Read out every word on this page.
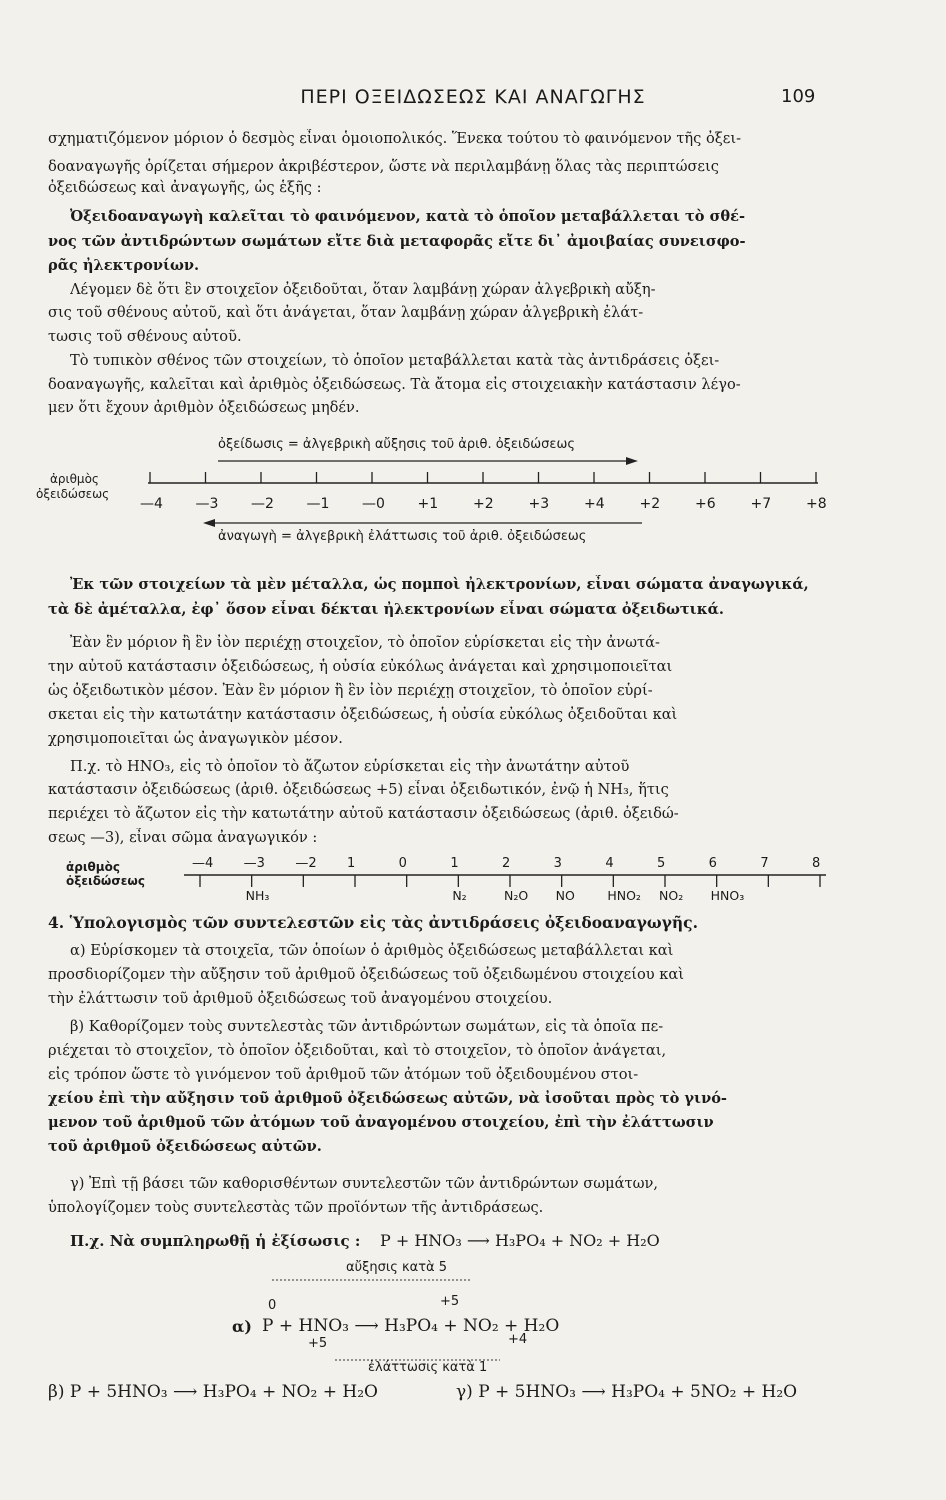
ΠΕΡΙ ΟΞΕΙΔΩΣΕΩΣ ΚΑΙ ΑΝΑΓΩΓΗΣ	109
σχηματιζόμενον μόριον ὁ δεσμὸς εἶναι ὁμοιοπολικός. Ἕνεκα τούτου τὸ φαινόμενον τῆς ὀξει-
δοαναγωγῆς ὁρίζεται σήμερον ἀκριβέστερον, ὥστε νὰ περιλαμβάνῃ ὅλας τὰς περιπτώσεις
ὀξειδώσεως καὶ ἀναγωγῆς, ὡς ἑξῆς :
Ὀξειδοαναγωγὴ καλεῖται τὸ φαινόμενον, κατὰ τὸ ὁποῖον μεταβάλλεται τὸ σθέ-
νος τῶν ἀντιδρώντων σωμάτων εἴτε διὰ μεταφορᾶς εἴτε δι᾽ ἀμοιβαίας συνεισφο-
ρᾶς ἠλεκτρονίων.
Λέγομεν δὲ ὅτι ἓν στοιχεῖον ὀξειδοῦται, ὅταν λαμβάνῃ χώραν ἀλγεβρικὴ αὔξη-
σις τοῦ σθένους αὐτοῦ, καὶ ὅτι ἀνάγεται, ὅταν λαμβάνῃ χώραν ἀλγεβρικὴ ἐλάτ-
τωσις τοῦ σθένους αὐτοῦ.
Τὸ τυπικὸν σθένος τῶν στοιχείων, τὸ ὁποῖον μεταβάλλεται κατὰ τὰς ἀντιδράσεις ὀξει-
δοαναγωγῆς, καλεῖται καὶ ἀριθμὸς ὀξειδώσεως. Τὰ ἄτομα εἰς στοιχειακὴν κατάστασιν λέγο-
μεν ὅτι ἔχουν ἀριθμὸν ὀξειδώσεως μηδέν.
ὀξείδωσις = ἀλγεβρικὴ αὔξησις τοῦ ἀριθ. ὀξειδώσεως
ἀριθμὸς
ὀξειδώσεως
—4 —3 —2 —1 —0 +1 +2 +3 +4 +2 +6 +7 +8
ἀναγωγὴ = ἀλγεβρικὴ ἐλάττωσις τοῦ ἀριθ. ὀξειδώσεως
Ἐκ τῶν στοιχείων τὰ μὲν μέταλλα, ὡς πομποὶ ἠλεκτρονίων, εἶναι σώματα ἀναγωγικά,
τὰ δὲ ἀμέταλλα, ἐφ᾽ ὅσον εἶναι δέκται ἠλεκτρονίων εἶναι σώματα ὀξειδωτικά.
Ἐὰν ἓν μόριον ἢ ἓν ἰὸν περιέχῃ στοιχεῖον, τὸ ὁποῖον εὑρίσκεται εἰς τὴν ἀνωτά-
την αὐτοῦ κατάστασιν ὀξειδώσεως, ἡ οὐσία εὐκόλως ἀνάγεται καὶ χρησιμοποιεῖται
ὡς ὀξειδωτικὸν μέσον. Ἐὰν ἓν μόριον ἢ ἓν ἰὸν περιέχῃ στοιχεῖον, τὸ ὁποῖον εὑρί-
σκεται εἰς τὴν κατωτάτην κατάστασιν ὀξειδώσεως, ἡ οὐσία εὐκόλως ὀξειδοῦται καὶ
χρησιμοποιεῖται ὡς ἀναγωγικὸν μέσον.
Π.χ. τὸ HNO₃, εἰς τὸ ὁποῖον τὸ ἄζωτον εὑρίσκεται εἰς τὴν ἀνωτάτην αὐτοῦ
κατάστασιν ὀξειδώσεως (ἀριθ. ὀξειδώσεως +5) εἶναι ὀξειδωτικόν, ἐνῷ ἡ NH₃, ἥτις
περιέχει τὸ ἄζωτον εἰς τὴν κατωτάτην αὐτοῦ κατάστασιν ὀξειδώσεως (ἀριθ. ὀξειδώ-
σεως —3), εἶναι σῶμα ἀναγωγικόν :
ἀριθμὸς
ὀξειδώσεως
—4 —3 —2 1	0	1	2	3	4	5	6	7	8
NH₃	N₂	N₂O NO	HNO₂ NO₂ HNO₃
4. Ὑπολογισμὸς τῶν συντελεστῶν εἰς τὰς ἀντιδράσεις ὀξειδοαναγωγῆς.
α) Εὑρίσκομεν τὰ στοιχεῖα, τῶν ὁποίων ὁ ἀριθμὸς ὀξειδώσεως μεταβάλλεται καὶ
προσδιορίζομεν τὴν αὔξησιν τοῦ ἀριθμοῦ ὀξειδώσεως τοῦ ὀξειδωμένου στοιχείου καὶ
τὴν ἐλάττωσιν τοῦ ἀριθμοῦ ὀξειδώσεως τοῦ ἀναγομένου στοιχείου.
β) Καθορίζομεν τοὺς συντελεστὰς τῶν ἀντιδρώντων σωμάτων, εἰς τὰ ὁποῖα πε-
ριέχεται τὸ στοιχεῖον, τὸ ὁποῖον ὀξειδοῦται, καὶ τὸ στοιχεῖον, τὸ ὁποῖον ἀνάγεται,
εἰς τρόπον ὥστε τὸ γινόμενον τοῦ ἀριθμοῦ τῶν ἀτόμων τοῦ ὀξειδουμένου στοι-
χείου ἐπὶ τὴν αὔξησιν τοῦ ἀριθμοῦ ὀξειδώσεως αὐτῶν, νὰ ἰσοῦται πρὸς τὸ γινό-
μενον τοῦ ἀριθμοῦ τῶν ἀτόμων τοῦ ἀναγομένου στοιχείου, ἐπὶ τὴν ἐλάττωσιν
τοῦ ἀριθμοῦ ὀξειδώσεως αὐτῶν.
γ) Ἐπὶ τῇ βάσει τῶν καθορισθέντων συντελεστῶν τῶν ἀντιδρώντων σωμάτων,
ὑπολογίζομεν τοὺς συντελεστὰς τῶν προϊόντων τῆς ἀντιδράσεως.
Π.χ. Νὰ συμπληρωθῇ ἡ ἐξίσωσις : P + HNO₃ ⟶ H₃PO₄ + NO₂ + H₂O
αὔξησις κατὰ 5
0	+5
α) P + HNO₃ ⟶ H₃PO₄ + NO₂ + H₂O
+5	+4
ἐλάττωσις κατὰ 1
β) P + 5HNO₃ ⟶ H₃PO₄ + NO₂ + H₂O	γ) P + 5HNO₃ ⟶ H₃PO₄ + 5NO₂ + H₂O
